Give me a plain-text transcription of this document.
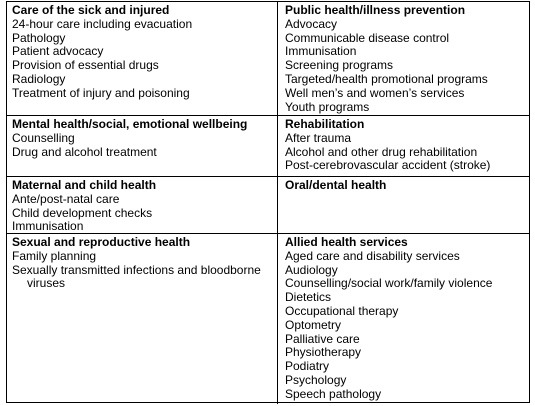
Care of the sick and injured
24-hour care including evacuation
Pathology
Patient advocacy
Provision of essential drugs
Radiology
Treatment of injury and poisoning
Public health/illness prevention
Advocacy
Communicable disease control
Immunisation
Screening programs
Targeted/health promotional programs
Well men’s and women’s services
Youth programs
Mental health/social, emotional wellbeing
Counselling
Drug and alcohol treatment
Rehabilitation
After trauma
Alcohol and other drug rehabilitation
Post-cerebrovascular accident (stroke)
Maternal and child health
Ante/post-natal care
Child development checks
Immunisation
Oral/dental health
Sexual and reproductive health
Family planning
Sexually transmitted infections and bloodborne viruses
Allied health services
Aged care and disability services
Audiology
Counselling/social work/family violence
Dietetics
Occupational therapy
Optometry
Palliative care
Physiotherapy
Podiatry
Psychology
Speech pathology
